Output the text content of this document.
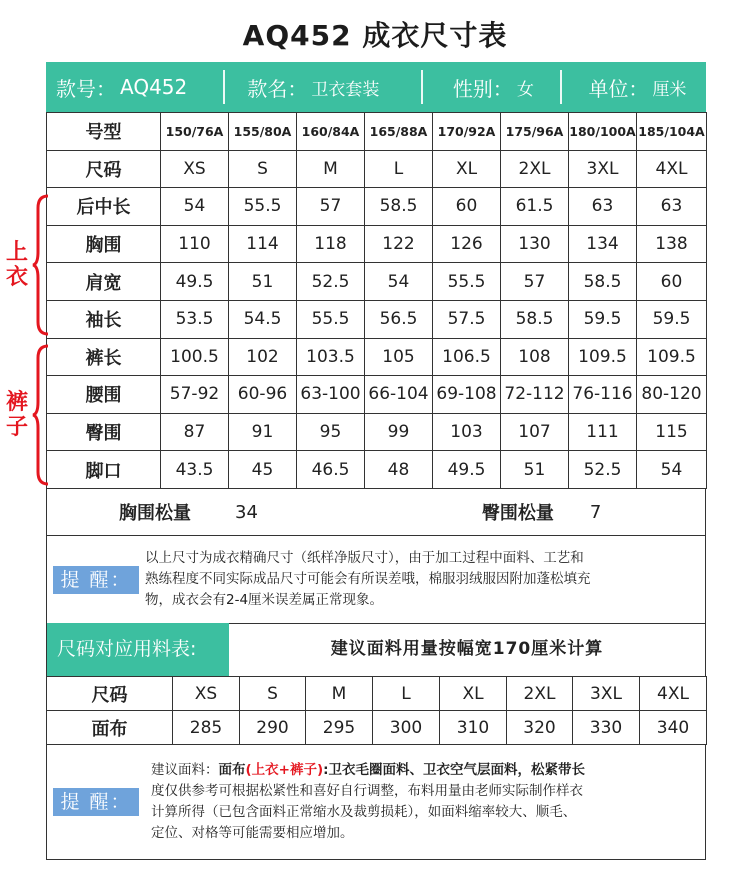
AQ452 成衣尺寸表
款号： AQ452	款名： 卫衣套装	性别： 女	单位： 厘米
号型	150/76A	155/80A	160/84A	165/88A	170/92A	175/96A	180/100A	185/104A
尺码	XS	S	M	L	XL	2XL	3XL	4XL
后中长	54	55.5	57	58.5	60	61.5	63	63
胸围	110	114	118	122	126	130	134	138
肩宽	49.5	51	52.5	54	55.5	57	58.5	60
袖长	53.5	54.5	55.5	56.5	57.5	58.5	59.5	59.5
裤长	100.5	102	103.5	105	106.5	108	109.5	109.5
腰围	57-92	60-96	63-100	66-104	69-108	72-112	76-116	80-120
臀围	87	91	95	99	103	107	111	115
脚口	43.5	45	46.5	48	49.5	51	52.5	54
上
衣
裤
子
胸围松量 34	臀围松量 7
提 醒：
以上尺寸为成衣精确尺寸（纸样净版尺寸），由于加工过程中面料、工艺和
熟练程度不同实际成品尺寸可能会有所误差哦，棉服羽绒服因附加蓬松填充
物，成衣会有2-4厘米误差属正常现象。
尺码对应用料表:	建议面料用量按幅宽170厘米计算
尺码	XS	S	M	L	XL	2XL	3XL	4XL
面布	285	290	295	300	310	320	330	340
提 醒：
建议面料：面布(上衣+裤子):卫衣毛圈面料、卫衣空气层面料，松紧带长
度仅供参考可根据松紧性和喜好自行调整，布料用量由老师实际制作样衣
计算所得（已包含面料正常缩水及裁剪损耗），如面料缩率较大、顺毛、
定位、对格等可能需要相应增加。
